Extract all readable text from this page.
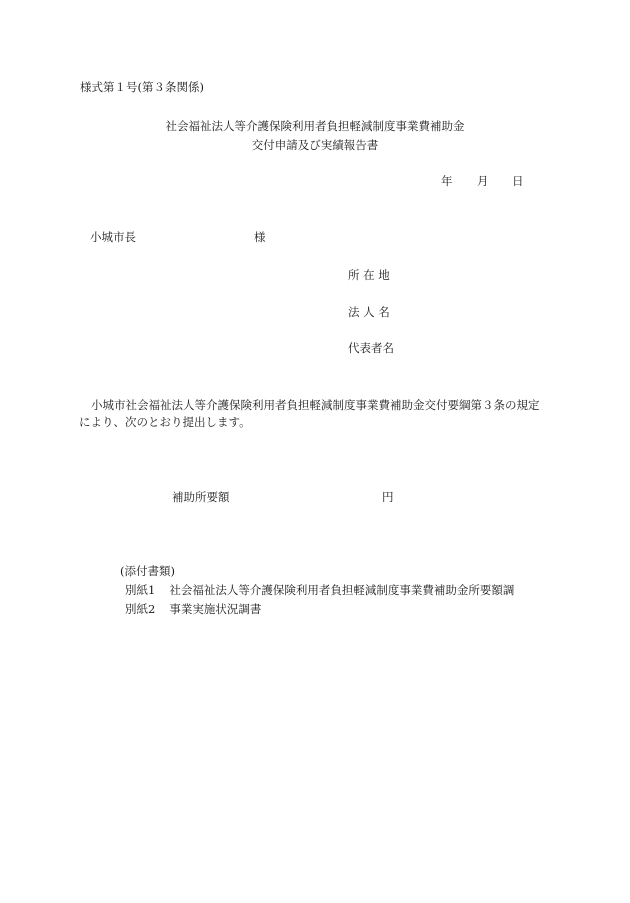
様式第１号(第３条関係)
社会福祉法人等介護保険利用者負担軽減制度事業費補助金
交付申請及び実績報告書
年 月 日
小城市長	様
所 在 地
法 人 名
代表者名
小城市社会福祉法人等介護保険利用者負担軽減制度事業費補助金交付要綱第３条の規定
により、次のとおり提出します。
補助所要額	円
(添付書類)
別紙1 社会福祉法人等介護保険利用者負担軽減制度事業費補助金所要額調
別紙2 事業実施状況調書
